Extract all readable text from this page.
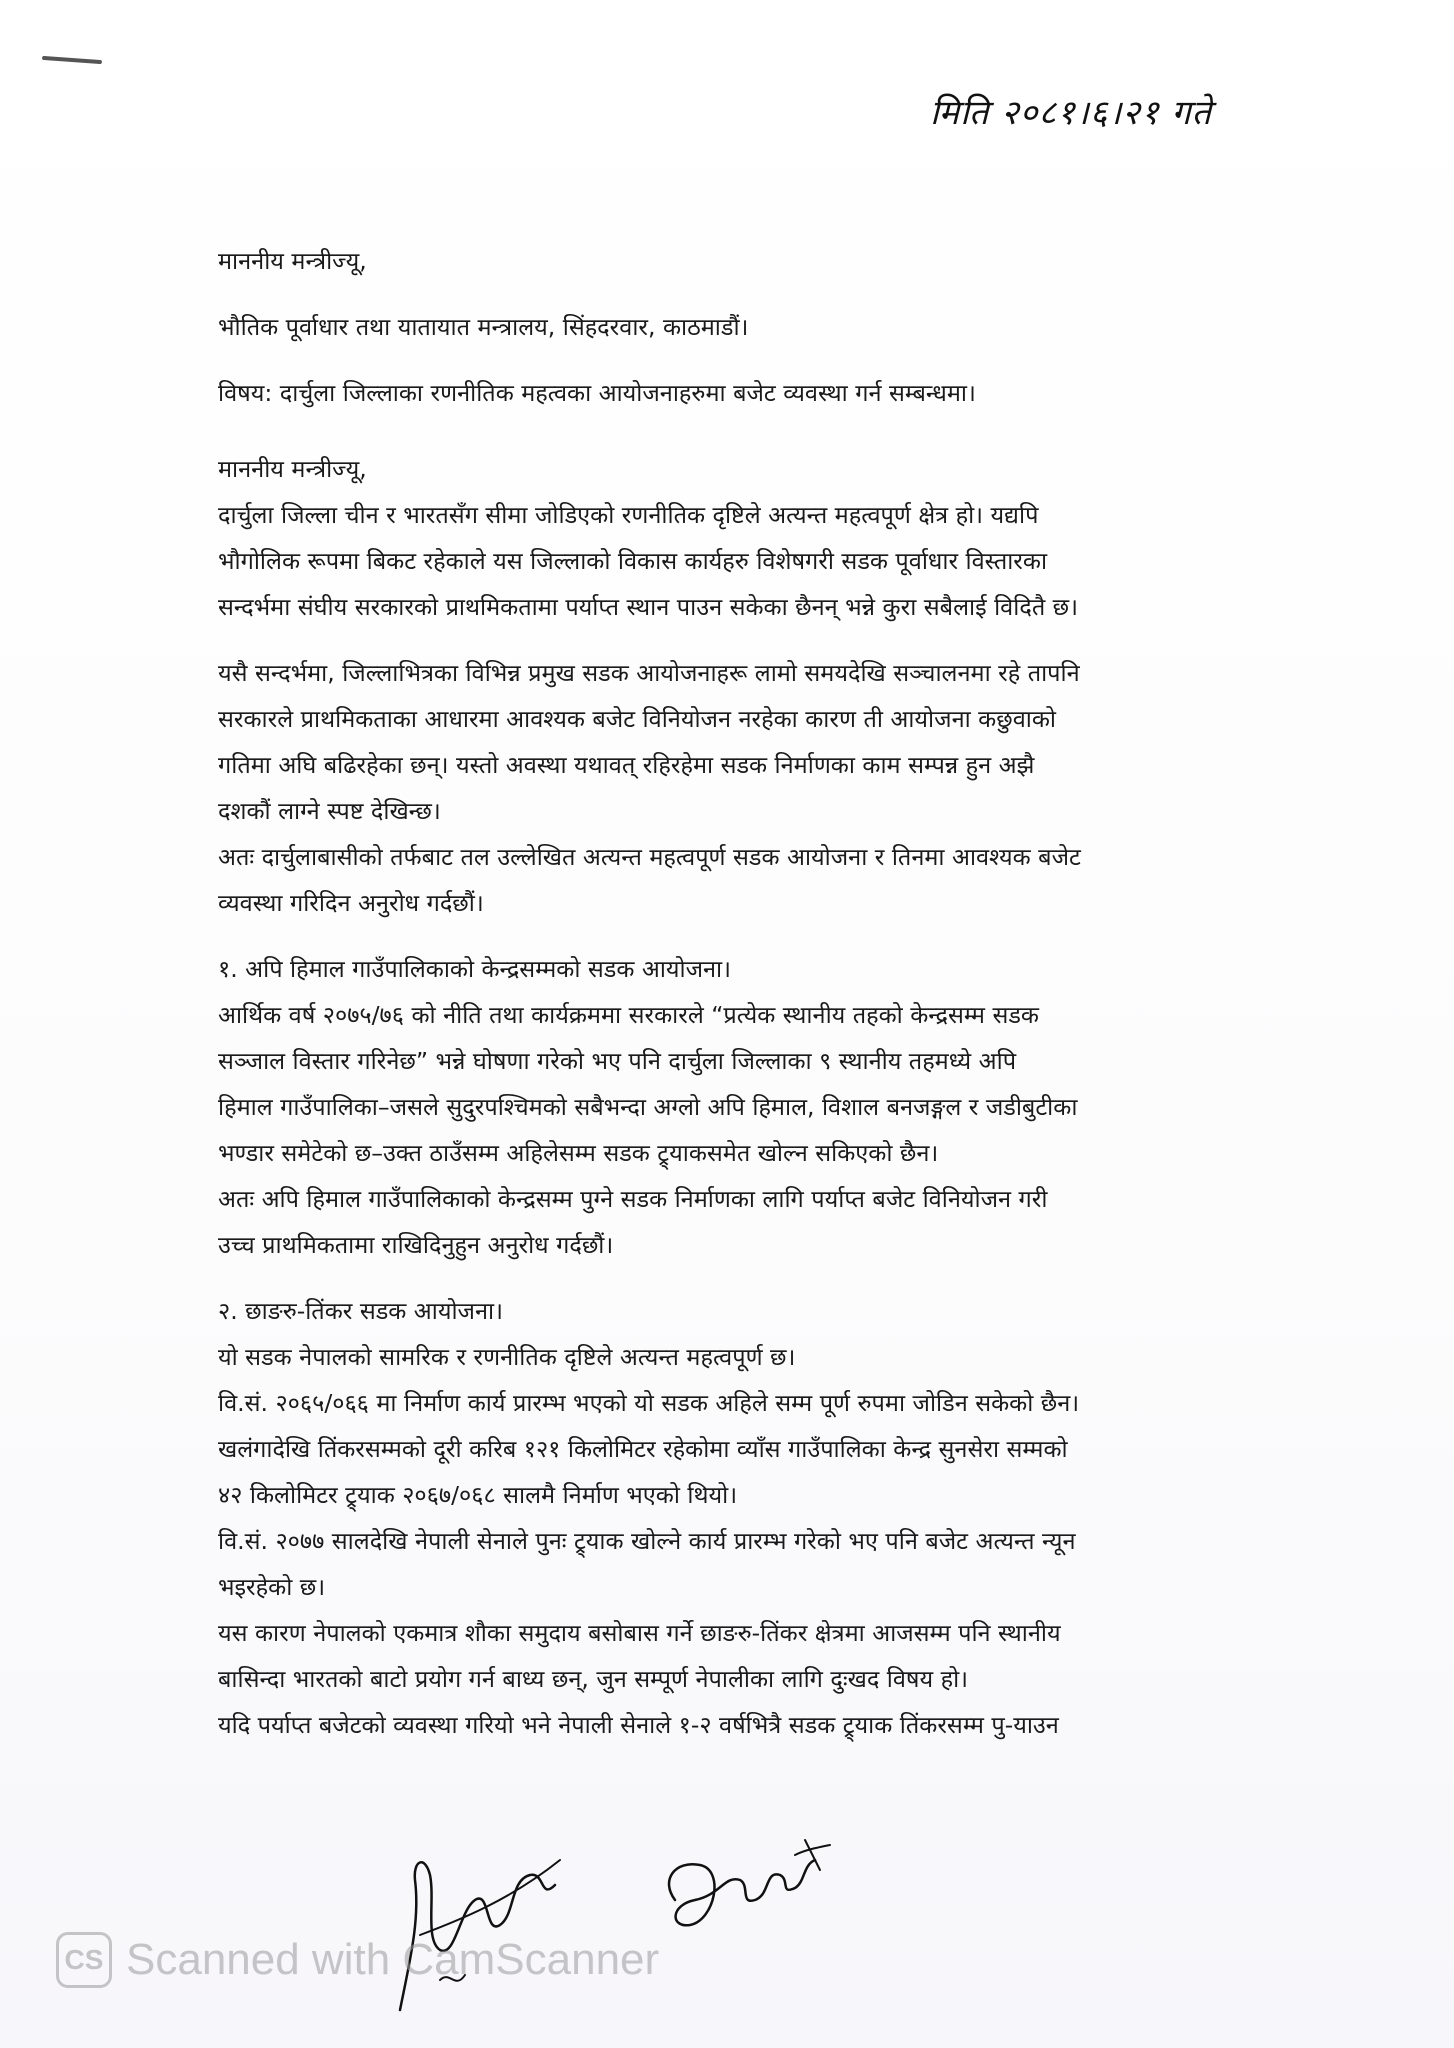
मिति २०८१।६।२१ गते
माननीय मन्त्रीज्यू,
भौतिक पूर्वाधार तथा यातायात मन्त्रालय, सिंहदरवार, काठमाडौं।
विषय: दार्चुला जिल्लाका रणनीतिक महत्वका आयोजनाहरुमा बजेट व्यवस्था गर्न सम्बन्धमा।
माननीय मन्त्रीज्यू,
दार्चुला जिल्ला चीन र भारतसँग सीमा जोडिएको रणनीतिक दृष्टिले अत्यन्त महत्वपूर्ण क्षेत्र हो। यद्यपि
भौगोलिक रूपमा बिकट रहेकाले यस जिल्लाको विकास कार्यहरु विशेषगरी सडक पूर्वाधार विस्तारका
सन्दर्भमा संघीय सरकारको प्राथमिकतामा पर्याप्त स्थान पाउन सकेका छैनन् भन्ने कुरा सबैलाई विदितै छ।
यसै सन्दर्भमा, जिल्लाभित्रका विभिन्न प्रमुख सडक आयोजनाहरू लामो समयदेखि सञ्चालनमा रहे तापनि
सरकारले प्राथमिकताका आधारमा आवश्यक बजेट विनियोजन नरहेका कारण ती आयोजना कछुवाको
गतिमा अघि बढिरहेका छन्। यस्तो अवस्था यथावत् रहिरहेमा सडक निर्माणका काम सम्पन्न हुन अझै
दशकौं लाग्ने स्पष्ट देखिन्छ।
अतः दार्चुलाबासीको तर्फबाट तल उल्लेखित अत्यन्त महत्वपूर्ण सडक आयोजना र तिनमा आवश्यक बजेट
व्यवस्था गरिदिन अनुरोध गर्दछौं।
१. अपि हिमाल गाउँपालिकाको केन्द्रसम्मको सडक आयोजना।
आर्थिक वर्ष २०७५/७६ को नीति तथा कार्यक्रममा सरकारले “प्रत्येक स्थानीय तहको केन्द्रसम्म सडक
सञ्जाल विस्तार गरिनेछ” भन्ने घोषणा गरेको भए पनि दार्चुला जिल्लाका ९ स्थानीय तहमध्ये अपि
हिमाल गाउँपालिका–जसले सुदुरपश्चिमको सबैभन्दा अग्लो अपि हिमाल, विशाल बनजङ्गल र जडीबुटीका
भण्डार समेटेको छ–उक्त ठाउँसम्म अहिलेसम्म सडक ट्र्याकसमेत खोल्न सकिएको छैन।
अतः अपि हिमाल गाउँपालिकाको केन्द्रसम्म पुग्ने सडक निर्माणका लागि पर्याप्त बजेट विनियोजन गरी
उच्च प्राथमिकतामा राखिदिनुहुन अनुरोध गर्दछौं।
२. छाङरु-तिंकर सडक आयोजना।
यो सडक नेपालको सामरिक र रणनीतिक दृष्टिले अत्यन्त महत्वपूर्ण छ।
वि.सं. २०६५/०६६ मा निर्माण कार्य प्रारम्भ भएको यो सडक अहिले सम्म पूर्ण रुपमा जोडिन सकेको छैन।
खलंगादेखि तिंकरसम्मको दूरी करिब १२१ किलोमिटर रहेकोमा व्याँस गाउँपालिका केन्द्र सुनसेरा सम्मको
४२ किलोमिटर ट्र्याक २०६७/०६८ सालमै निर्माण भएको थियो।
वि.सं. २०७७ सालदेखि नेपाली सेनाले पुनः ट्र्याक खोल्ने कार्य प्रारम्भ गरेको भए पनि बजेट अत्यन्त न्यून
भइरहेको छ।
यस कारण नेपालको एकमात्र शौका समुदाय बसोबास गर्ने छाङरु-तिंकर क्षेत्रमा आजसम्म पनि स्थानीय
बासिन्दा भारतको बाटो प्रयोग गर्न बाध्य छन्, जुन सम्पूर्ण नेपालीका लागि दुःखद विषय हो।
यदि पर्याप्त बजेटको व्यवस्था गरियो भने नेपाली सेनाले १-२ वर्षभित्रै सडक ट्र्याक तिंकरसम्म पु-याउन
CS Scanned with CamScanner
